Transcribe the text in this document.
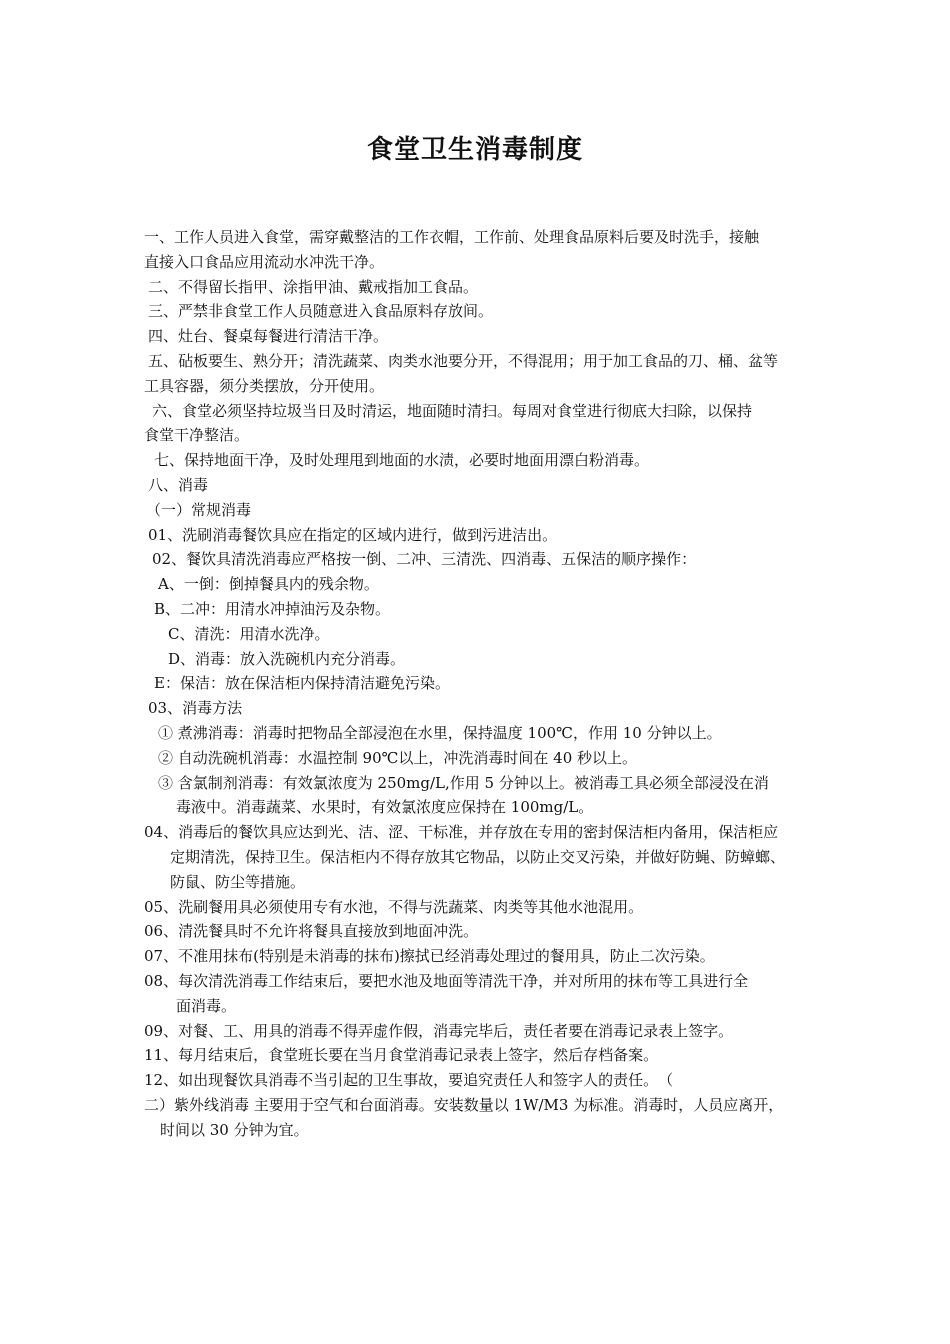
食堂卫生消毒制度
一、工作人员进入食堂，需穿戴整洁的工作衣帽，工作前、处理食品原料后要及时洗手，接触
直接入口食品应用流动水冲洗干净。
二、不得留长指甲、涂指甲油、戴戒指加工食品。
三、严禁非食堂工作人员随意进入食品原料存放间。
四、灶台、餐桌每餐进行清洁干净。
五、砧板要生、熟分开；清洗蔬菜、肉类水池要分开，不得混用；用于加工食品的刀、桶、盆等
工具容器，须分类摆放，分开使用。
六、食堂必须坚持垃圾当日及时清运，地面随时清扫。每周对食堂进行彻底大扫除，以保持
食堂干净整洁。
七、保持地面干净，及时处理甩到地面的水渍，必要时地面用漂白粉消毒。
八、消毒
（一）常规消毒
01、洗刷消毒餐饮具应在指定的区域内进行，做到污进洁出。
02、餐饮具清洗消毒应严格按一倒、二冲、三清洗、四消毒、五保洁的顺序操作：
A、一倒：倒掉餐具内的残余物。
B、二冲：用清水冲掉油污及杂物。
C、清洗：用清水洗净。
D、消毒：放入洗碗机内充分消毒。
E：保洁：放在保洁柜内保持清洁避免污染。
03、消毒方法
① 煮沸消毒：消毒时把物品全部浸泡在水里，保持温度 100℃，作用 10 分钟以上。
② 自动洗碗机消毒：水温控制 90℃以上，冲洗消毒时间在 40 秒以上。
③ 含氯制剂消毒：有效氯浓度为 250mg/L,作用 5 分钟以上。被消毒工具必须全部浸没在消
毒液中。消毒蔬菜、水果时，有效氯浓度应保持在 100mg/L。
04、消毒后的餐饮具应达到光、洁、涩、干标准，并存放在专用的密封保洁柜内备用，保洁柜应
定期清洗，保持卫生。保洁柜内不得存放其它物品，以防止交叉污染，并做好防蝇、防蟑螂、
防鼠、防尘等措施。
05、洗刷餐用具必须使用专有水池，不得与洗蔬菜、肉类等其他水池混用。
06、清洗餐具时不允许将餐具直接放到地面冲洗。
07、不准用抹布(特别是未消毒的抹布)擦拭已经消毒处理过的餐用具，防止二次污染。
08、每次清洗消毒工作结束后，要把水池及地面等清洗干净，并对所用的抹布等工具进行全
面消毒。
09、对餐、工、用具的消毒不得弄虚作假，消毒完毕后，责任者要在消毒记录表上签字。
11、每月结束后，食堂班长要在当月食堂消毒记录表上签字，然后存档备案。
12、如出现餐饮具消毒不当引起的卫生事故，要追究责任人和签字人的责任。　（
二）紫外线消毒 主要用于空气和台面消毒。安装数量以 1W/M3 为标准。消毒时，人员应离开，
时间以 30 分钟为宜。
